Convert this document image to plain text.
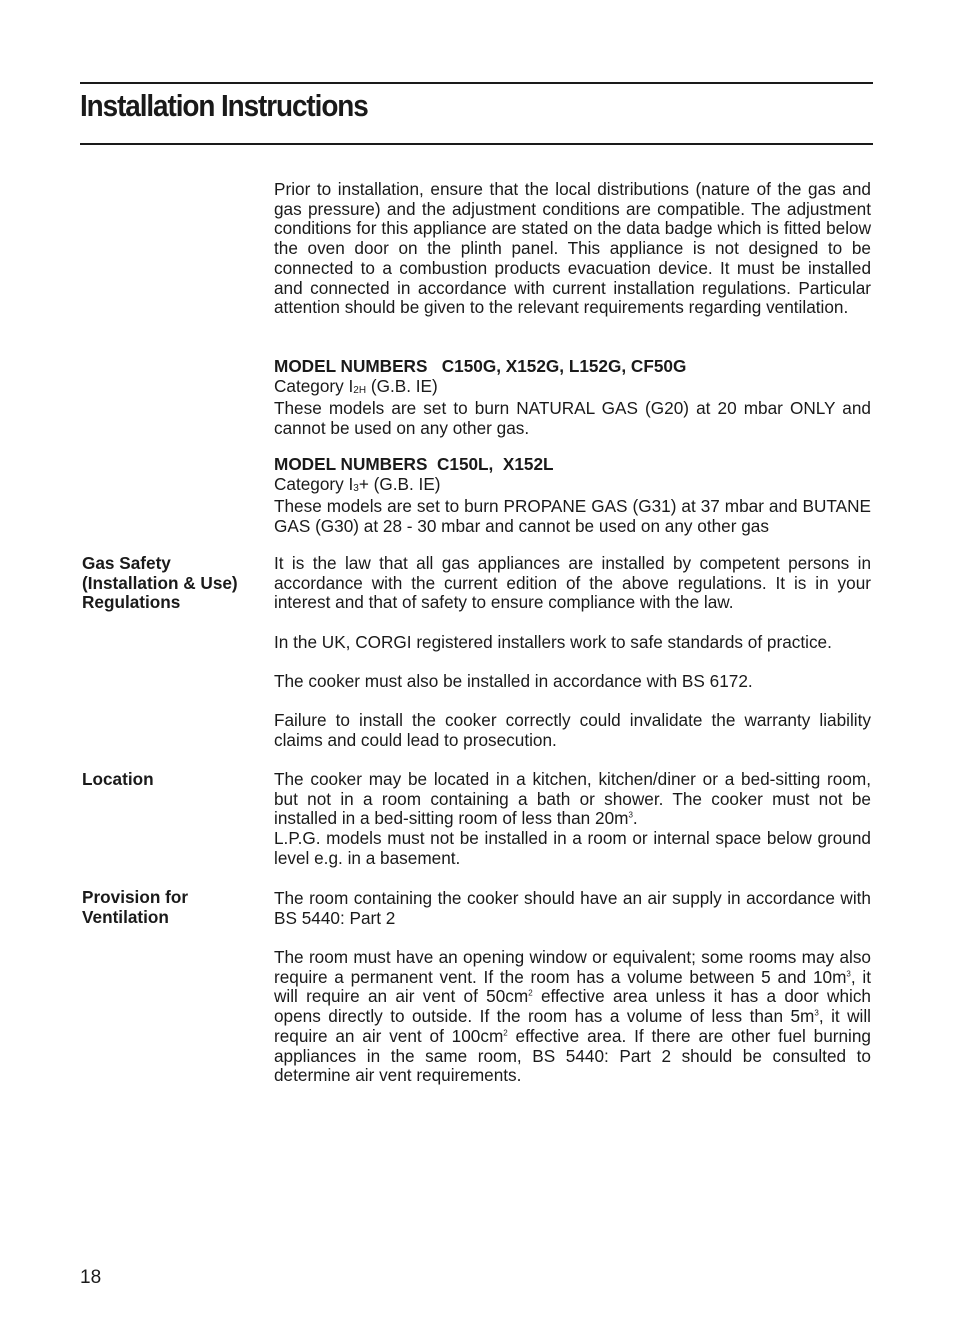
Installation Instructions

Prior to installation, ensure that the local distributions (nature of the gas and gas pressure) and the adjustment conditions are compatible. The adjustment conditions for this appliance are stated on the data badge which is fitted below the oven door on the plinth panel. This appliance is not designed to be connected to a combustion products evacuation device. It must be installed and connected in accordance with current installation regulations. Particular attention should be given to the relevant requirements regarding ventilation.

MODEL NUMBERS   C150G, X152G, L152G, CF50G

Category $I_{2H}$ (G.B. IE)

These models are set to burn NATURAL GAS (G20) at 20 mbar ONLY and cannot be used on any other gas.

MODEL NUMBERS  C150L,  X152L

Category $I_3+ (G.B$. IE)

These models are set to burn PROPANE GAS (G31) at 37 mbar and BUTANE GAS (G30) at 28 - 30 mbar and cannot be used on any other gas

Gas Safety (Installation & Use) Regulations

It is the law that all gas appliances are installed by competent persons in accordance with the current edition of the above regulations. It is in your interest and that of safety to ensure compliance with the law.

In the UK, CORGI registered installers work to safe standards of practice.

The cooker must also be installed in accordance with BS 6172.

Failure to install the cooker correctly could invalidate the warranty liability claims and could lead to prosecution.

Location	The cooker may be located in a kitchen, kitchen/diner or a bed-sitting room, but not in a room containing a bath or shower. The cooker must not be installed in a bed-sitting room of less than $20m^3$.

L.P.G. models must not be installed in a room or internal space below ground level e.g. in a basement.

Provision for Ventilation

The room containing the cooker should have an air supply in accordance with BS 5440: Part 2

The room must have an opening window or equivalent; some rooms may also require a permanent vent. If the room has a volume between 5 and $10m^3$, it will require an air vent of $50cm^2$ effective area unless it has a door which opens directly to outside. If the room has a volume of less than $5m^3$, it will require an air vent of $100cm^2$ effective area. If there are other fuel burning appliances in the same room, BS 5440: Part 2 should be consulted to determine air vent requirements.

18
